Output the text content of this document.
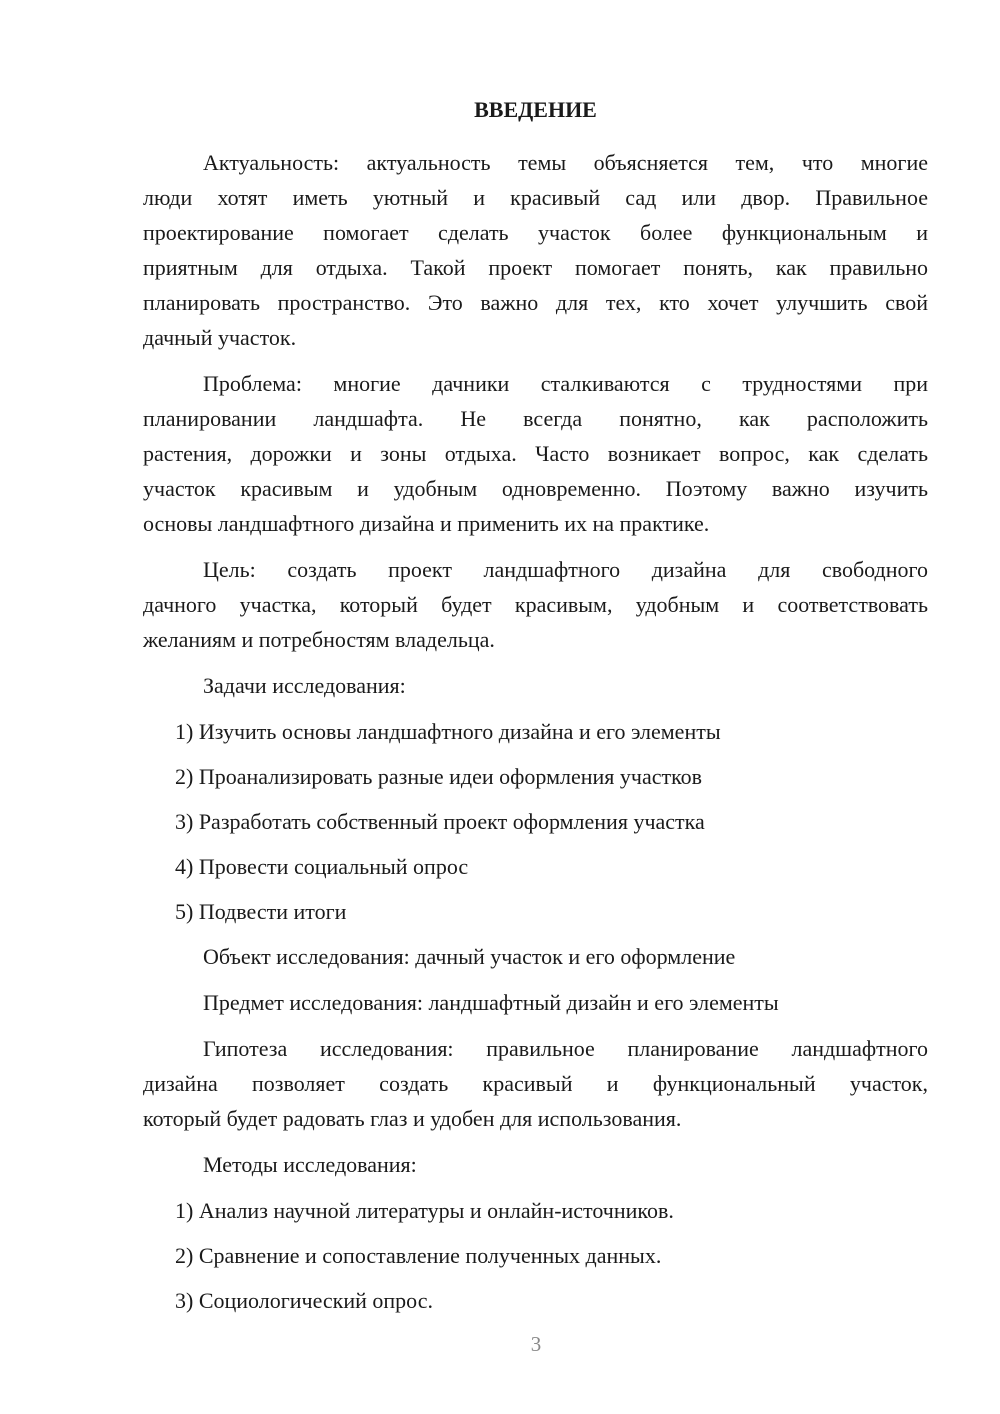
ВВЕДЕНИЕ
Актуальность: актуальность темы объясняется тем, что многие
люди хотят иметь уютный и красивый сад или двор. Правильное
проектирование помогает сделать участок более функциональным и
приятным для отдыха. Такой проект помогает понять, как правильно
планировать пространство. Это важно для тех, кто хочет улучшить свой
дачный участок.
Проблема: многие дачники сталкиваются с трудностями при
планировании ландшафта. Не всегда понятно, как расположить
растения, дорожки и зоны отдыха. Часто возникает вопрос, как сделать
участок красивым и удобным одновременно. Поэтому важно изучить
основы ландшафтного дизайна и применить их на практике.
Цель: создать проект ландшафтного дизайна для свободного
дачного участка, который будет красивым, удобным и соответствовать
желаниям и потребностям владельца.
Задачи исследования:
1) Изучить основы ландшафтного дизайна и его элементы
2) Проанализировать разные идеи оформления участков
3) Разработать собственный проект оформления участка
4) Провести социальный опрос
5) Подвести итоги
Объект исследования: дачный участок и его оформление
Предмет исследования: ландшафтный дизайн и его элементы
Гипотеза исследования: правильное планирование ландшафтного
дизайна позволяет создать красивый и функциональный участок,
который будет радовать глаз и удобен для использования.
Методы исследования:
1) Анализ научной литературы и онлайн-источников.
2) Сравнение и сопоставление полученных данных.
3) Социологический опрос.
3
